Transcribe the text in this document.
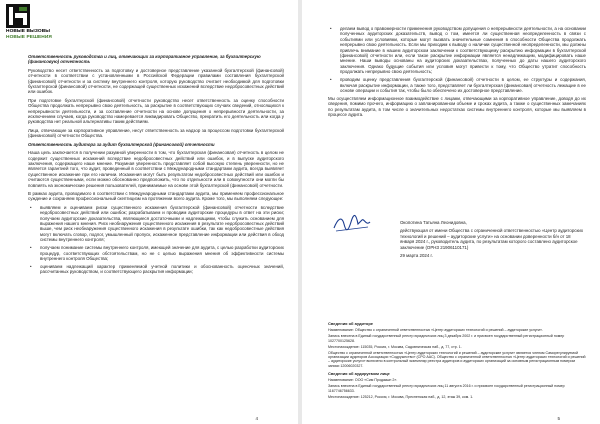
НОВЫЕ ВЫЗОВЫ
НОВЫЕ РЕШЕНИЯ
Ответственность руководства и лиц, отвечающих за корпоративное управление, за бухгалтерскую (финансовую) отчетность

Руководство несет ответственность за подготовку и достоверное представление указанной бухгалтерской (финансовой) отчетности в соответствии с установленными в Российской Федерации правилами составления бухгалтерской (финансовой) отчетности и за систему внутреннего контроля, которую руководство считает необходимой для подготовки бухгалтерской (финансовой) отчетности, не содержащей существенных искажений вследствие недобросовестных действий или ошибок.

При подготовке бухгалтерской (финансовой) отчетности руководство несет ответственность за оценку способности Общества продолжать непрерывно свою деятельность, за раскрытие в соответствующих случаях сведений, относящихся к непрерывности деятельности, и за составление отчетности на основе допущения о непрерывности деятельности, за исключением случаев, когда руководство намеревается ликвидировать Общество, прекратить его деятельность или когда у руководства нет реальной альтернативы таким действиям.

Лица, отвечающие за корпоративное управление, несут ответственность за надзор за процессом подготовки бухгалтерской (финансовой) отчетности Общества.

Ответственность аудитора за аудит бухгалтерской (финансовой) отчетности

Наша цель заключается в получении разумной уверенности в том, что бухгалтерская (финансовая) отчетность в целом не содержит существенных искажений вследствие недобросовестных действий или ошибок, и в выпуске аудиторского заключения, содержащего наше мнение. Разумная уверенность представляет собой высокую степень уверенности, но не является гарантией того, что аудит, проведенный в соответствии с Международными стандартами аудита, всегда выявляет существенное искажение при его наличии. Искажения могут быть результатом недобросовестных действий или ошибок и считаются существенными, если можно обоснованно предположить, что по отдельности или в совокупности они могли бы повлиять на экономические решения пользователей, принимаемые на основе этой бухгалтерской (финансовой) отчетности.

В рамках аудита, проводимого в соответствии с Международными стандартами аудита, мы применяем профессиональное суждение и сохраняем профессиональный скептицизм на протяжении всего аудита. Кроме того, мы выполняем следующее:

• выявляем и оцениваем риски существенного искажения бухгалтерской (финансовой) отчетности вследствие недобросовестных действий или ошибок; разрабатываем и проводим аудиторские процедуры в ответ на эти риски; получаем аудиторские доказательства, являющиеся достаточными и надлежащими, чтобы служить основанием для выражения нашего мнения. Риск необнаружения существенного искажения в результате недобросовестных действий выше, чем риск необнаружения существенного искажения в результате ошибки, так как недобросовестные действия могут включать сговор, подлог, умышленный пропуск, искаженное представление информации или действия в обход системы внутреннего контроля;
• получаем понимание системы внутреннего контроля, имеющей значение для аудита, с целью разработки аудиторских процедур, соответствующих обстоятельствам, но не с целью выражения мнения об эффективности системы внутреннего контроля Общества;
• оцениваем надлежащий характер применяемой учетной политики и обоснованность оценочных значений, рассчитанных руководством, и соответствующего раскрытия информации;
4
• делаем вывод о правомерности применения руководством допущения о непрерывности деятельности, а на основании полученных аудиторских доказательств, вывод о том, имеется ли существенная неопределенность в связи с событиями или условиями, которые могут вызвать значительные сомнения в способности Общества продолжать непрерывно свою деятельность. Если мы приходим к выводу о наличии существенной неопределенности, мы должны привлечь внимание в нашем аудиторском заключении к соответствующему раскрытию информации в бухгалтерской (финансовой) отчетности или, если такое раскрытие информации является ненадлежащим, модифицировать наше мнение. Наши выводы основаны на аудиторских доказательствах, полученных до даты нашего аудиторского заключения. Однако будущие события или условия могут привести к тому, что Общество утратит способность продолжать непрерывно свою деятельность;
• проводим оценку представления бухгалтерской (финансовой) отчетности в целом, ее структуры и содержания, включая раскрытие информации, а также того, представляет ли бухгалтерская (финансовая) отчетность лежащие в ее основе операции и события так, чтобы было обеспечено их достоверное представление.

Мы осуществляем информационное взаимодействие с лицами, отвечающими за корпоративное управление, доводя до их сведения, помимо прочего, информацию о запланированном объеме и сроках аудита, а также о существенных замечаниях по результатам аудита, в том числе о значительных недостатках системы внутреннего контроля, которые мы выявляем в процессе аудита.

Окопотина Татьяна Леонидовна,

действующая от имени Общества с ограниченной ответственностью «Центр аудиторских технологий и решений – аудиторские услуги» на основании доверенности б/н от 18 января 2024 г., руководитель аудита, по результатам которого составлено аудиторское заключение (ОРНЗ 21906110171)

29 марта 2024 г.

Сведения об аудиторе

Наименование: Общество с ограниченной ответственностью «Центр аудиторских технологий и решений – аудиторские услуги».

Запись внесена в Единый государственный реестр юридических лиц 3 декабря 2002 г. и присвоен государственный регистрационный номер 1027700125628.

Местонахождение: 115035, Россия, г. Москва, Садовническая наб., д. 77, стр. 1.

Общество с ограниченной ответственностью «Центр аудиторских технологий и решений – аудиторские услуги» является членом Саморегулируемой организации аудиторов Ассоциации «Содружество» (СРО ААС). Общество с ограниченной ответственностью «Центр аудиторских технологий и решений – аудиторские услуги» включено в контрольный экземпляр реестра аудиторов и аудиторских организаций за основным регистрационным номером записи 12006020327.

Сведения об аудируемом лице

Наименование: ООО «Сим Продакшн 2».

Запись внесена в Единый государственный реестр юридических лиц 11 августа 2016 г. и присвоен государственный регистрационный номер 1167746756633.

Местонахождение: 125212, Россия, г. Москва, Пресненская наб., д. 12, этаж 39, ком. 1.

5
